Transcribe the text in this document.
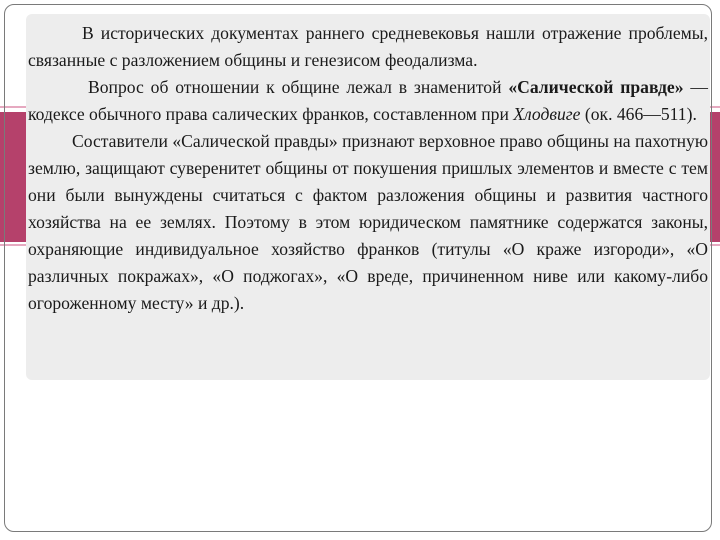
В исторических документах раннего средневековья нашли отражение проблемы, связанные с разложением общины и генезисом феодализма.

Вопрос об отношении к общине лежал в знаменитой «Салической правде» — кодексе обычного права салических франков, составленном при Хлодвиге (ок. 466—511).

Составители «Салической правды» признают верховное право общины на пахотную землю, защищают суверенитет общины от покушения пришлых элементов и вместе с тем они были вынуждены считаться с фактом разложения общины и развития частного хозяйства на ее землях. Поэтому в этом юридическом памятнике содержатся законы, охраняющие индивидуальное хозяйство франков (титулы «О краже изгороди», «О различных покражах», «О поджогах», «О вреде, причиненном ниве или какому-либо огороженному месту» и др.).
